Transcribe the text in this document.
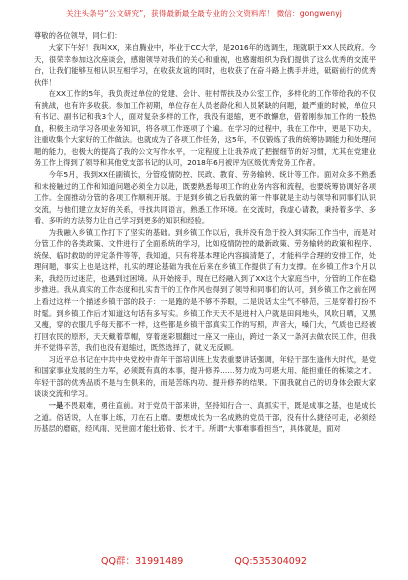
关注头条号“公文研究”，获得最新最全最专业的公文资料库！ 微信：gongwenyj

尊敬的各位领导，同仁们：

大家下午好！我叫XX，来自腾业中，毕业于CC大学，是2016年的选调生，现就职于XX人民政府。今天，很荣幸参加这次座谈会，感谢领导对我们的关心和重视，也感谢组织为我们提供了这么优秀的交流平台，让我们能够互相认识互相学习，在收获友谊的同时，也收获了在奋斗路上携手并进，砥砺前行的优秀伙伴！

在XX工作的5年，我负责过单位的党建、会计、驻村帮扶及办公室工作，多样化的工作带给我的不仅有挑战，也有许多收获。参加工作初期，单位存在人员老龄化和人员紧缺的问题，最严重的时候，单位只有书记、副书记和我3个人，面对复杂多样的工作，我没有退缩，更不敢懈怠，借着刚参加工作的一股热血，积极主动学习各项业务知识，将各项工作逐项了个遍。在学习的过程中，我在工作中，更是下功夫，注重收集个大家好的工作做法。也就成为了各项工作任务，这5年，不仅锻炼了我的统筹协调能力和处理问题的能力，也极大的提高了我的公文写作水平，一定程度上让我养成了把握细节的好习惯，尤其在党建业务工作上得到了领导和其他党支部书记的认可，2018年6月被评为区级优秀党务工作者。

今年5月，我到XX任副镇长，分管疫情防控、民政、教育、劳务输转、统计等工作。面对众多不熟悉和未接触过的工作和知道问题必须全力以赴，既要熟悉每项工作的业务内容和流程，也要统筹协调好各项工作。全面推动分管的各项工作顺利开展。于是到乡镇之后我做的第一件事就是主动与领导和同事们认识交流，与他们建立友好的关系，寻找共同语言，熟悉工作环境。在交流时，我虚心请教，秉持着多学、多看、多听的方法努力让自己学习到更多的知识和经验。

为我融入乡镇工作打下了坚实的基础。到乡镇工作以后，我并没有急于投入到实际工作当中，而是对分管工作的各类政策、文件进行了全面系统的学习，比如疫情防控的最新政策、劳务输转的政策和程序、统保、临时救助的评定条件等等，我知道，只有将基本理论内容搞清楚了，才能科学合理的安排工作，处理问题，事实上也是这样，扎实的理论基础为我在后来在乡镇工作提供了有力支撑。在乡镇工作3个月以来，我经历过迷茫，也遇到过困境。从开始接手，现在已经融入到了XX这个大家庭当中，分管的工作在稳步推进。我从真实的工作态度和扎实肯干的工作作风也得到了领导和同事们的认可，到乡镇工作之前在网上看过这样一个描述乡镇干部的段子：一是跑的是不够不养眼，二是说话太尘气不够范，三是穿着打扮不时髦。到乡镇工作后才知道这句话有多写实。乡镇工作天天不是进村入户就是田间地头，风吹日晒，又黑又瘦，穿的衣服几乎每天都不一样，这些都是乡镇干部真实工作的写照，声音大，嗓门大，气质也已经被打回农民的原形，天天戴着草帽，穿着迷彩服翻过一座又一座山，跨过一条又一条河去做农民工作，但我并不觉得辛苦，我们也没有退缩过，既然选择了，就义无反顾。

习近平总书记在中共中央党校中青年干部培训班上发表重要讲话强调，年轻干部生逢伟大时代，是党和国家事业发展的生力军，必须既有真的本事，提升修养……努力成为可堪大用、能担重任的栋梁之才。年轻干部的优秀品质不是与生俱来的，而是苦练内功、提升修养的结果。下面我就自己的切身体会跟大家谈谈交流和学习。

一是不畏艰难，勇往直前。对于党员干部来讲，坚持知行合一、真抓实干，既是成事之基，也是成长之道。俗话说，人在事上练，刀在石上磨。要想成长为一名成熟的党员干部，没有什么捷径可走，必须经历基层的磨砺，经风雨、见世面才能壮筋骨、长才干。所谓“大事难事看担当”，具体就是，面对

QQ群：31991489	QQ:535304092
